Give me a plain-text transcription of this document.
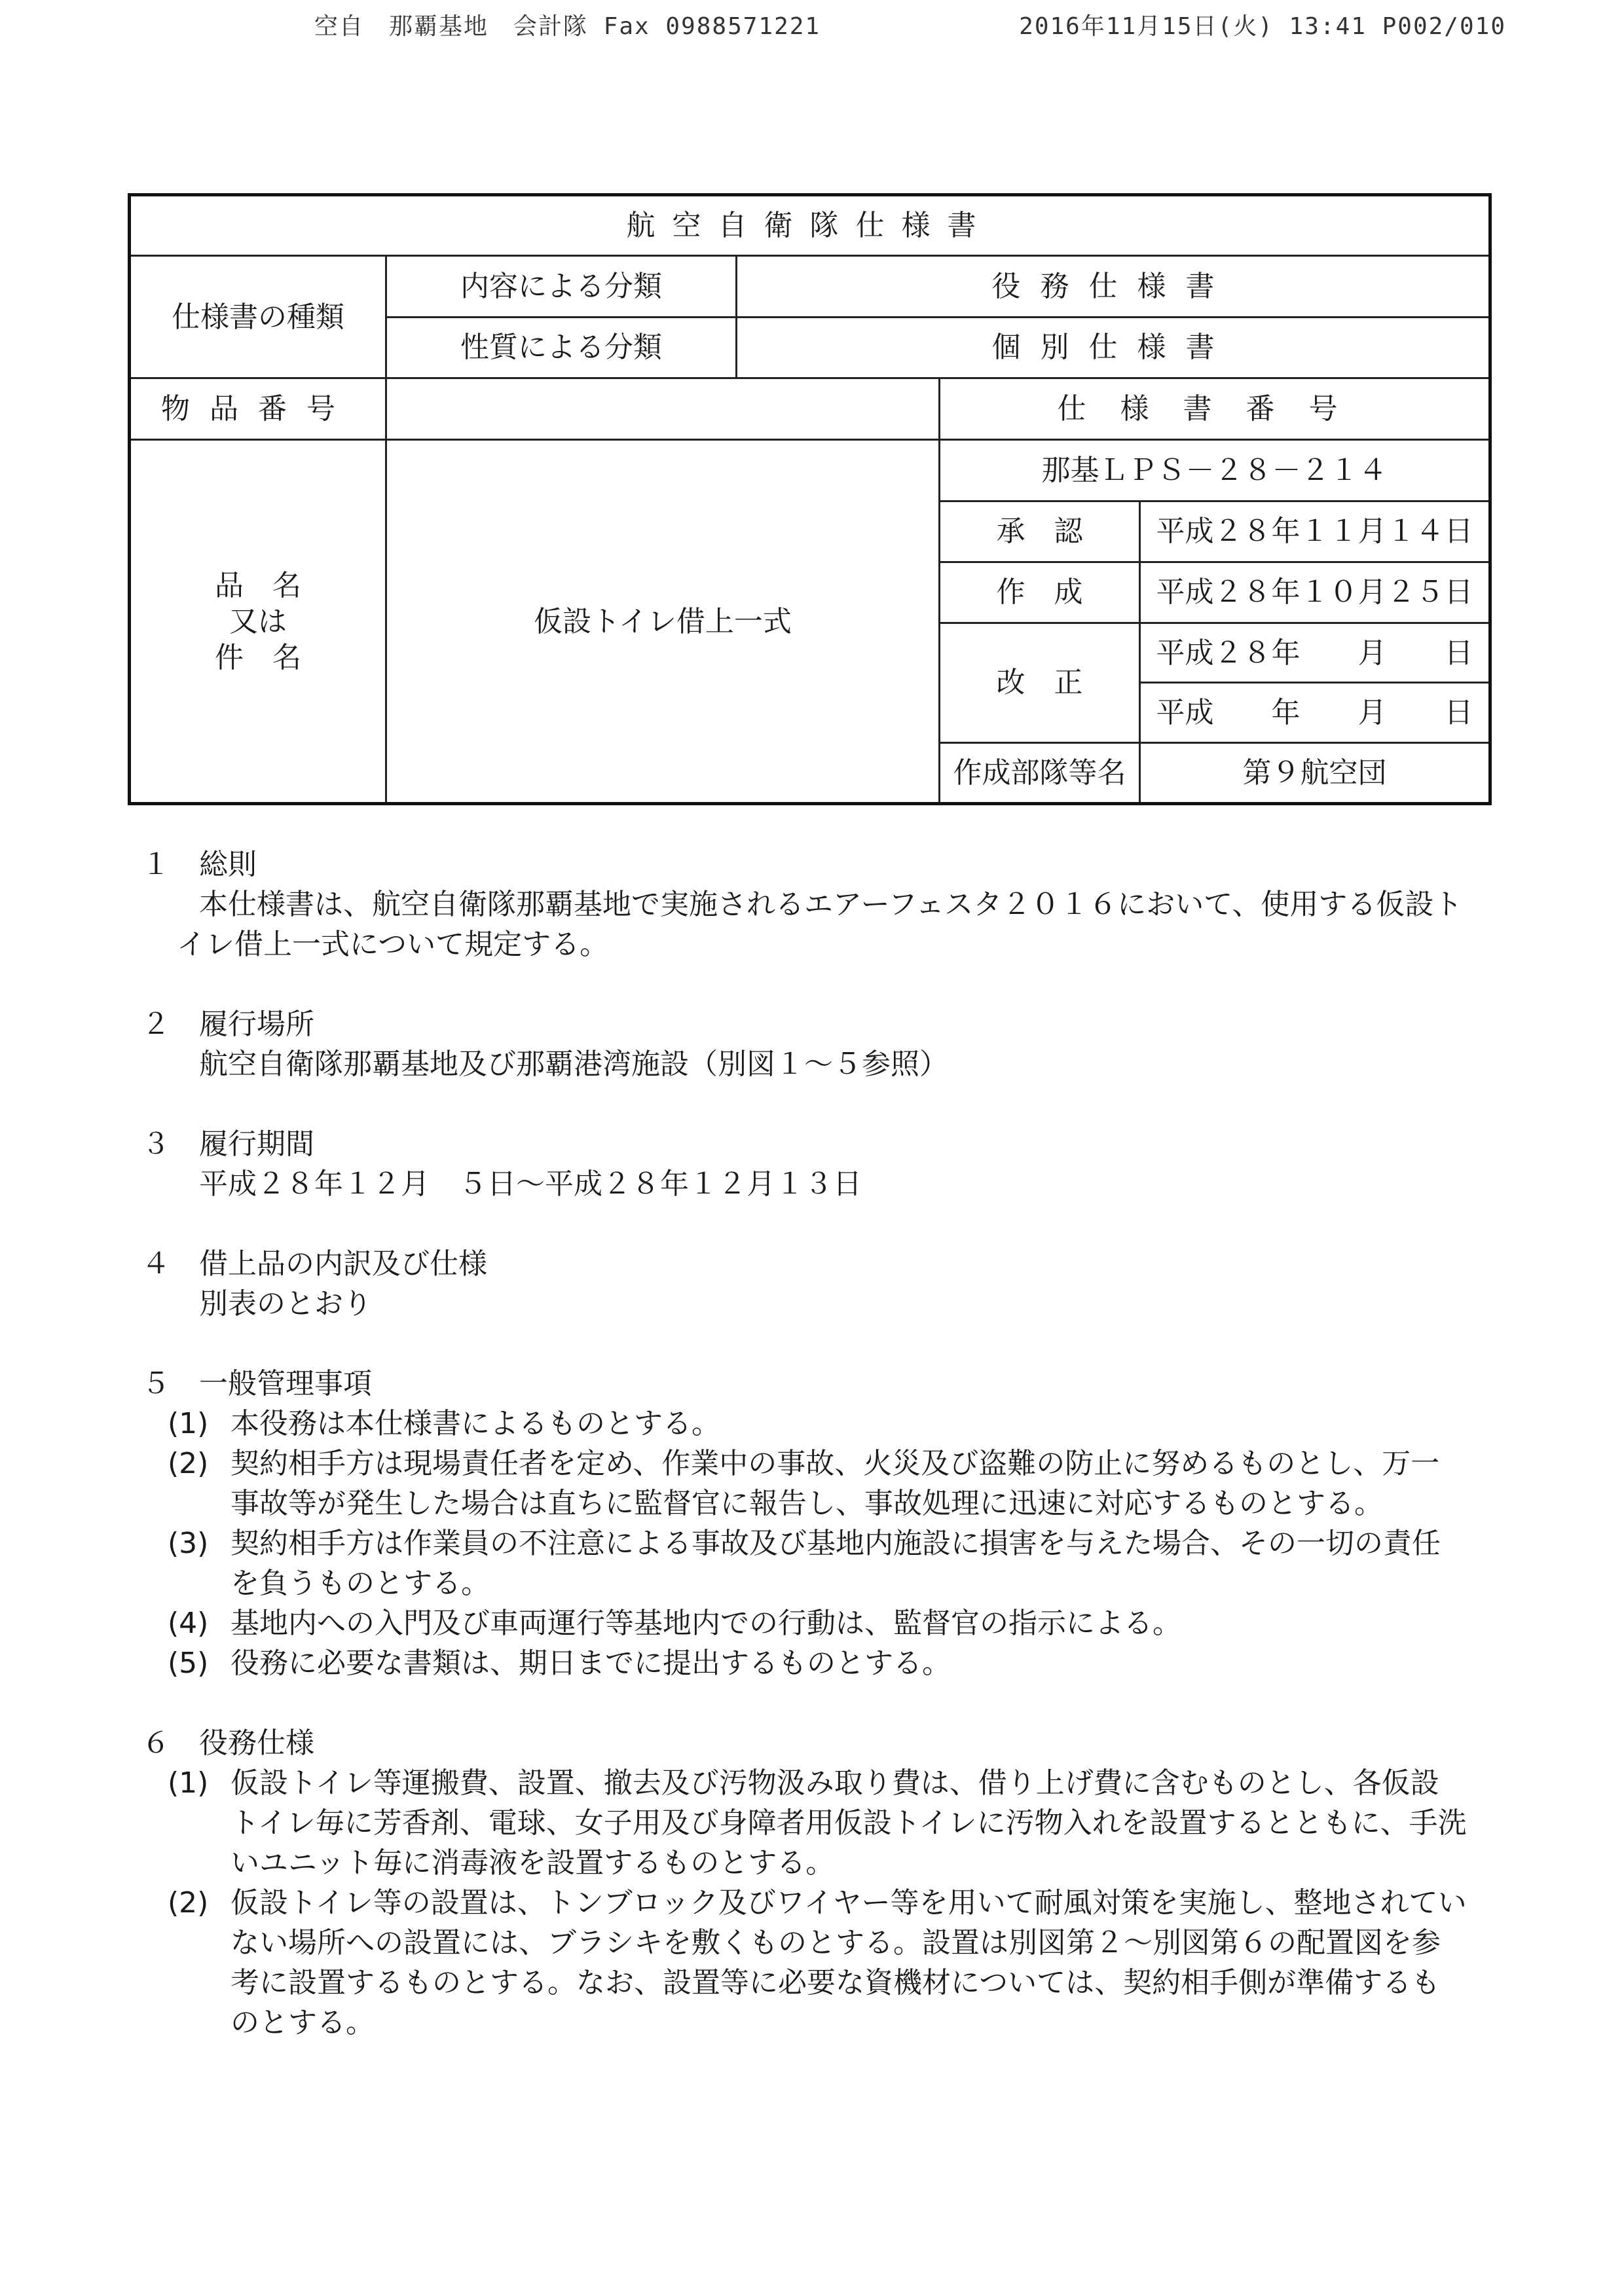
空自　那覇基地　会計隊 Fax 0988571221	2016年11月15日(火) 13:41 P002/010
航空自衛隊仕様書				
仕様書の種類	内容による分類	役務仕様書		
	性質による分類	個別仕様書		
物品番号			仕様書番号	

品　名
又は
件　名	仮設トイレ借上一式		那基ＬＰＳ－２８－２１４	
			承　認	平成２８年１１月１４日
			作　成	平成２８年１０月２５日
			改　正	平成２８年　　月　　日
				平成　　年　　月　　日
			作成部隊等名	第９航空団
１	総則
本仕様書は、航空自衛隊那覇基地で実施されるエアーフェスタ２０１６において、使用する仮設トイレ借上一式について規定する。
２	履行場所
航空自衛隊那覇基地及び那覇港湾施設（別図１～５参照）
３	履行期間
平成２８年１２月　５日～平成２８年１２月１３日
４	借上品の内訳及び仕様
別表のとおり
５	一般管理事項
(1) 本役務は本仕様書によるものとする。
(2) 契約相手方は現場責任者を定め、作業中の事故、火災及び盗難の防止に努めるものとし、万一事故等が発生した場合は直ちに監督官に報告し、事故処理に迅速に対応するものとする。
(3) 契約相手方は作業員の不注意による事故及び基地内施設に損害を与えた場合、その一切の責任を負うものとする。
(4) 基地内への入門及び車両運行等基地内での行動は、監督官の指示による。
(5) 役務に必要な書類は、期日までに提出するものとする。
６	役務仕様
(1) 仮設トイレ等運搬費、設置、撤去及び汚物汲み取り費は、借り上げ費に含むものとし、各仮設トイレ毎に芳香剤、電球、女子用及び身障者用仮設トイレに汚物入れを設置するとともに、手洗いユニット毎に消毒液を設置するものとする。
(2) 仮設トイレ等の設置は、トンブロック及びワイヤー等を用いて耐風対策を実施し、整地されていない場所への設置には、ブラシキを敷くものとする。設置は別図第２～別図第６の配置図を参考に設置するものとする。なお、設置等に必要な資機材については、契約相手側が準備するものとする。
